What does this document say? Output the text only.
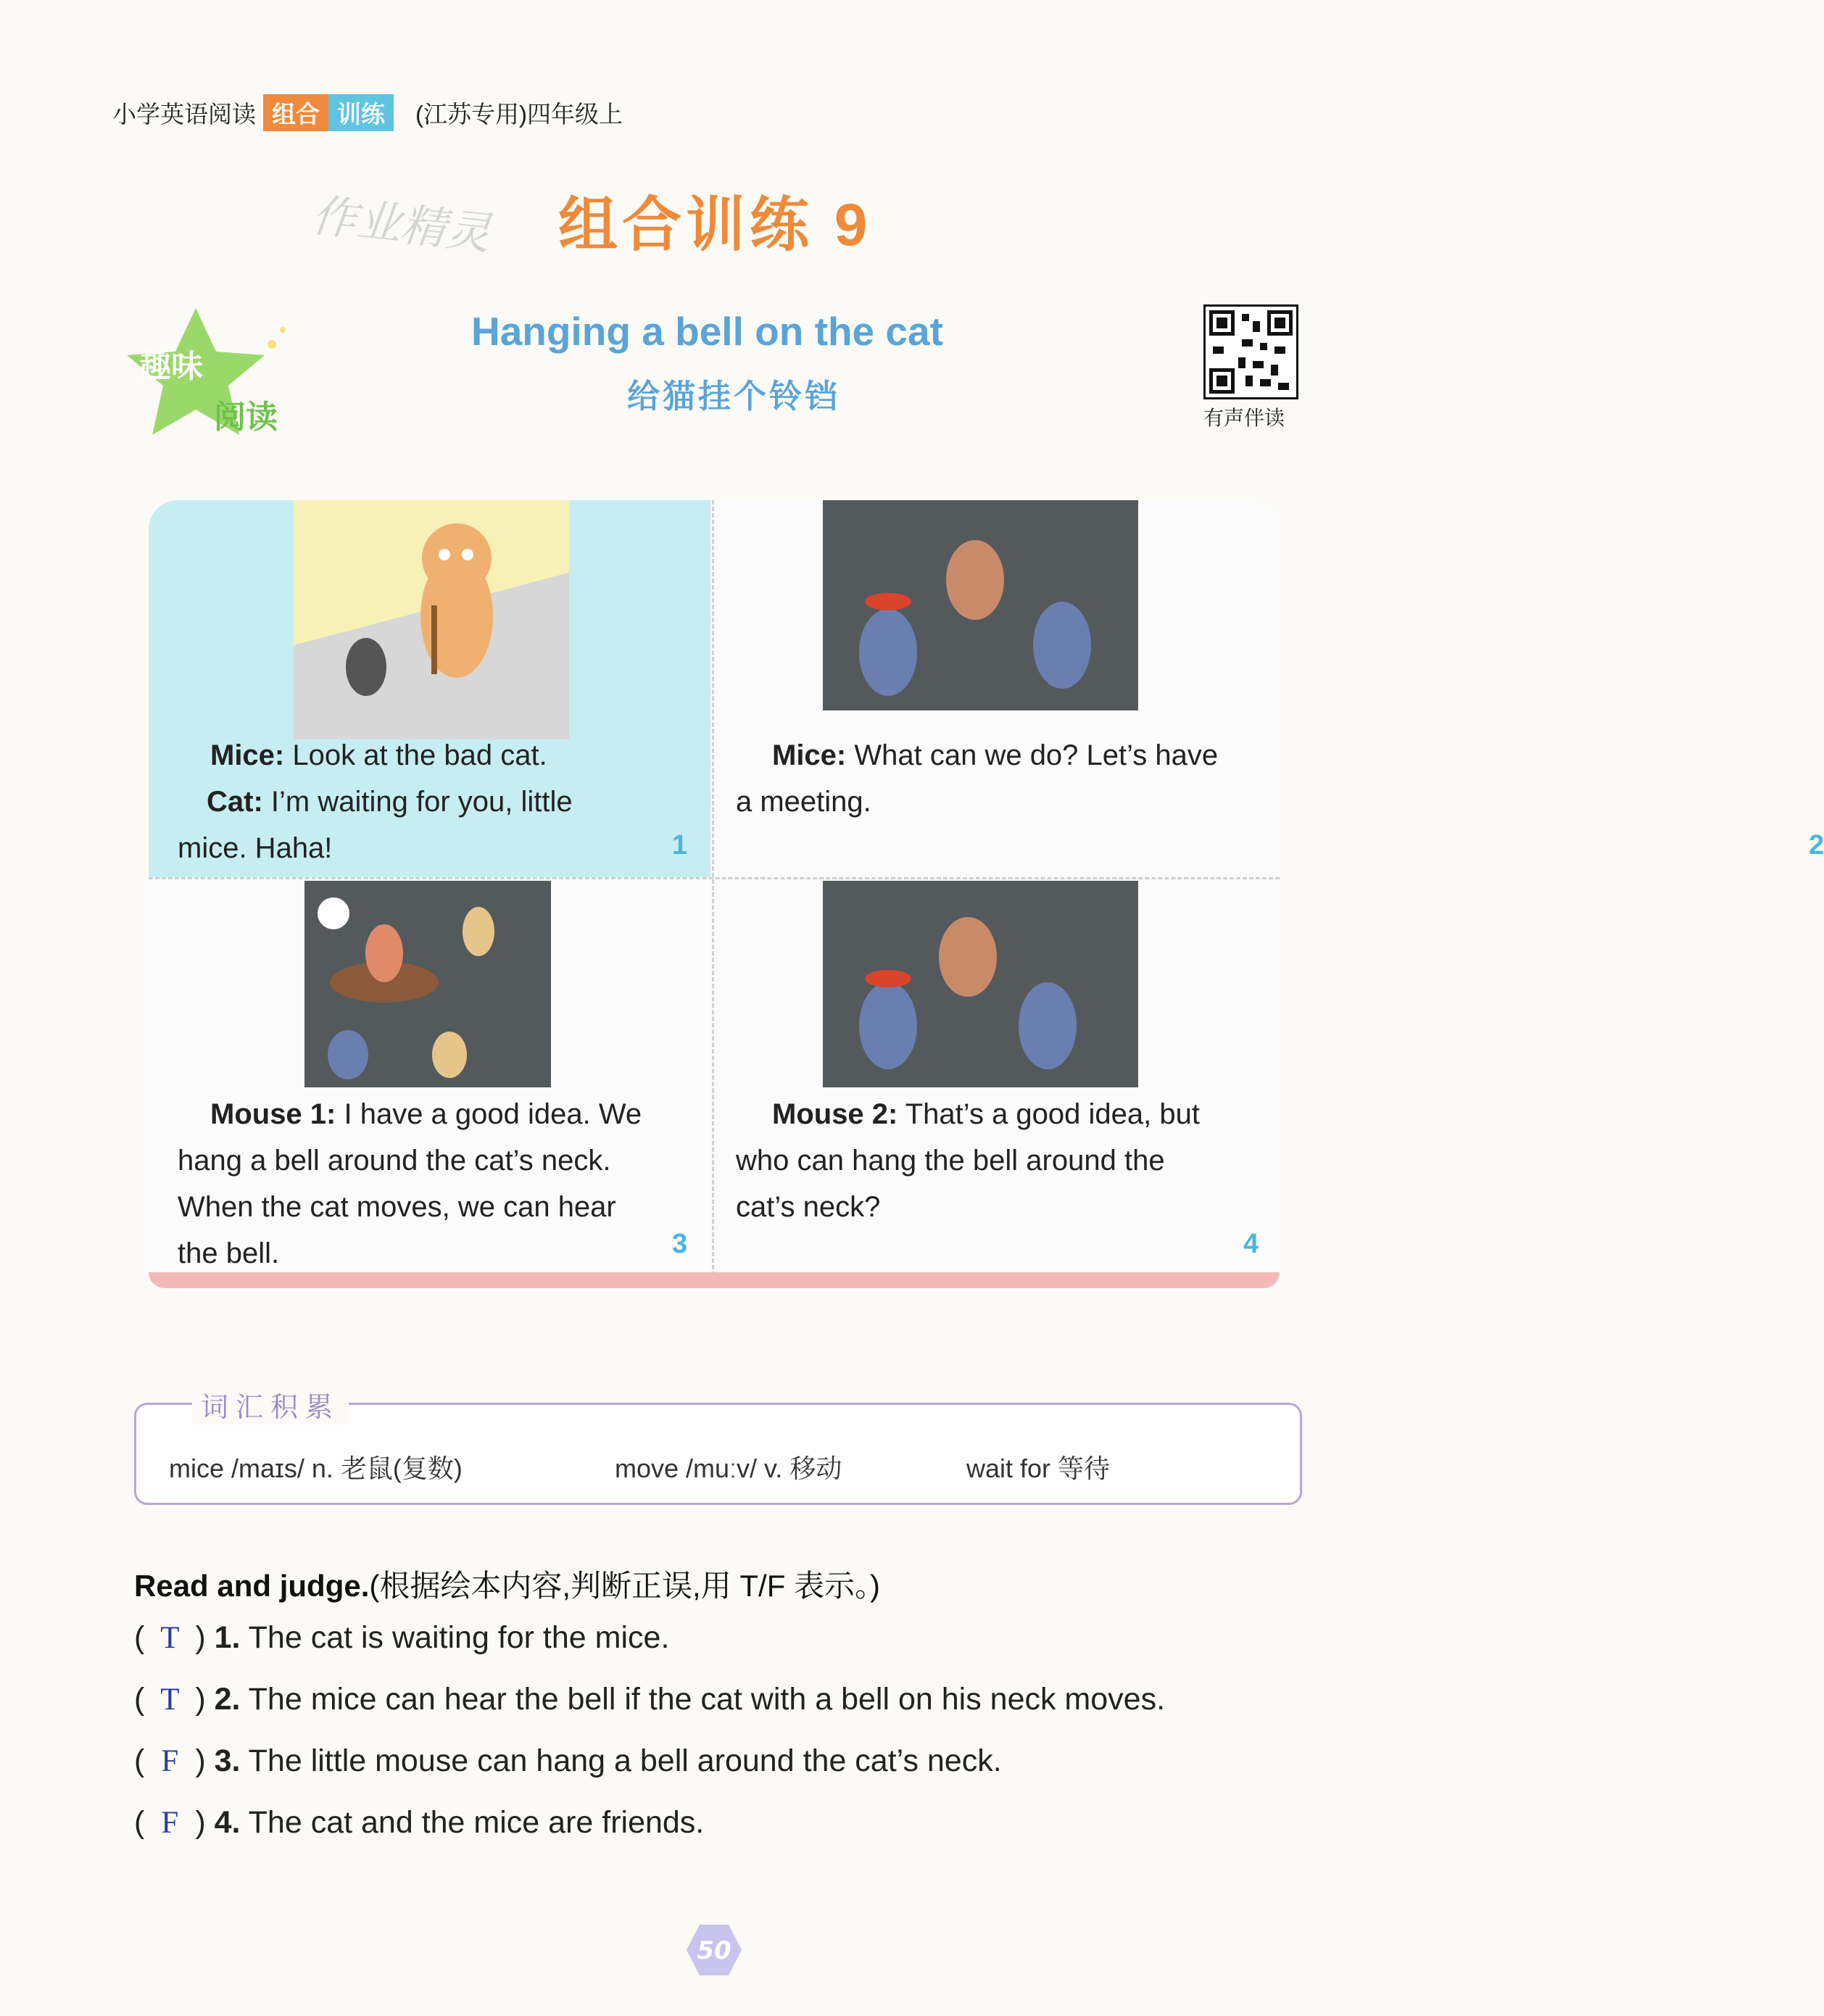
小学英语阅读 组合 训练	(江苏专用)四年级上
作业精灵 组合训练 9
趣味
阅读
Hanging a bell on the cat
给猫挂个铃铛
有声伴读
Mice: Look at the bad cat.
Cat: I’m waiting for you, little
mice. Haha!	1
Mice: What can we do? Let’s have
a meeting.
2
Mouse 1: I have a good idea. We
hang a bell around the cat’s neck.
When the cat moves, we can hear
the bell.	3
Mouse 2: That’s a good idea, but
who can hang the bell around the
cat’s neck?
4
mice /maɪs/ n. 老鼠(复数)	move /muːv/ v. 移动	wait for 等待
词汇积累
Read and judge.(根据绘本内容,判断正误,用 T/F 表示。)
( T ) 1. The cat is waiting for the mice.
( T ) 2. The mice can hear the bell if the cat with a bell on his neck moves.
( F ) 3. The little mouse can hang a bell around the cat’s neck.
( F ) 4. The cat and the mice are friends.
50
